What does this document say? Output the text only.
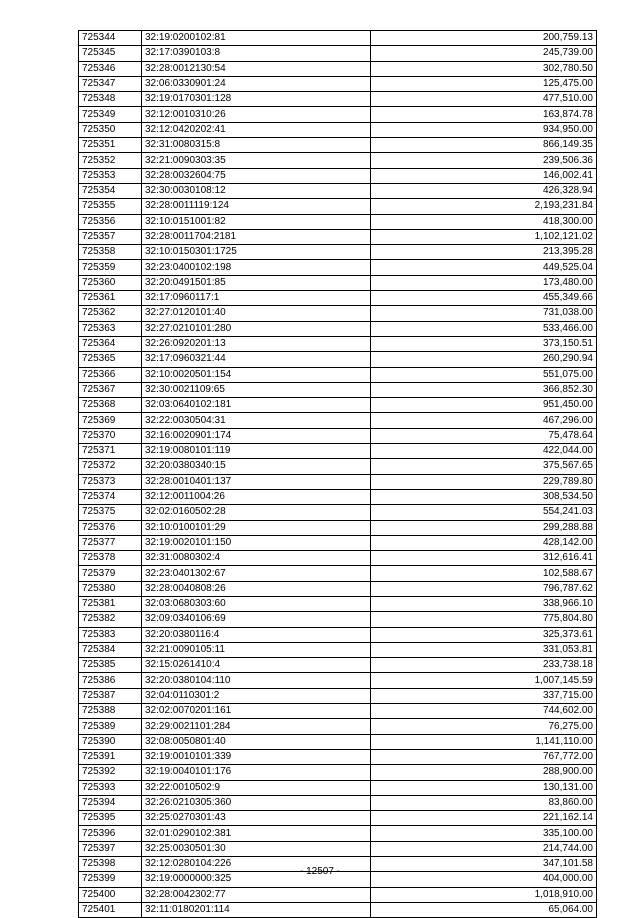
725344	32:19:0200102:81	200,759.13
725345	32:17:0390103:8	245,739.00
725346	32:28:0012130:54	302,780.50
725347	32:06:0330901:24	125,475.00
725348	32:19:0170301:128	477,510.00
725349	32:12:0010310:26	163,874.78
725350	32:12:0420202:41	934,950.00
725351	32:31:0080315:8	866,149.35
725352	32:21:0090303:35	239,506.36
725353	32:28:0032604:75	146,002.41
725354	32:30:0030108:12	426,328.94
725355	32:28:0011119:124	2,193,231.84
725356	32:10:0151001:82	418,300.00
725357	32:28:0011704:2181	1,102,121.02
725358	32:10:0150301:1725	213,395.28
725359	32:23:0400102:198	449,525.04
725360	32:20:0491501:85	173,480.00
725361	32:17:0960117:1	455,349.66
725362	32:27:0120101:40	731,038.00
725363	32:27:0210101:280	533,466.00
725364	32:26:0920201:13	373,150.51
725365	32:17:0960321:44	260,290.94
725366	32:10:0020501:154	551,075.00
725367	32:30:0021109:65	366,852.30
725368	32:03:0640102:181	951,450.00
725369	32:22:0030504:31	467,296.00
725370	32:16:0020901:174	75,478.64
725371	32:19:0080101:119	422,044.00
725372	32:20:0380340:15	375,567.65
725373	32:28:0010401:137	229,789.80
725374	32:12:0011004:26	308,534.50
725375	32:02:0160502:28	554,241.03
725376	32:10:0100101:29	299,288.88
725377	32:19:0020101:150	428,142.00
725378	32:31:0080302:4	312,616.41
725379	32:23:0401302:67	102,588.67
725380	32:28:0040808:26	796,787.62
725381	32:03:0680303:60	338,966.10
725382	32:09:0340106:69	775,804.80
725383	32:20:0380116:4	325,373.61
725384	32:21:0090105:11	331,053.81
725385	32:15:0261410:4	233,738.18
725386	32:20:0380104:110	1,007,145.59
725387	32:04:0110301:2	337,715.00
725388	32:02:0070201:161	744,602.00
725389	32:29:0021101:284	76,275.00
725390	32:08:0050801:40	1,141,110.00
725391	32:19:0010101:339	767,772.00
725392	32:19:0040101:176	288,900.00
725393	32:22:0010502:9	130,131.00
725394	32:26:0210305:360	83,860.00
725395	32:25:0270301:43	221,162.14
725396	32:01:0290102:381	335,100.00
725397	32:25:0030501:30	214,744.00
725398	32:12:0280104:226	347,101.58
725399	32:19:0000000:325	404,000.00
725400	32:28:0042302:77	1,018,910.00
725401	32:11:0180201:114	65,064.00
- 12507 -
